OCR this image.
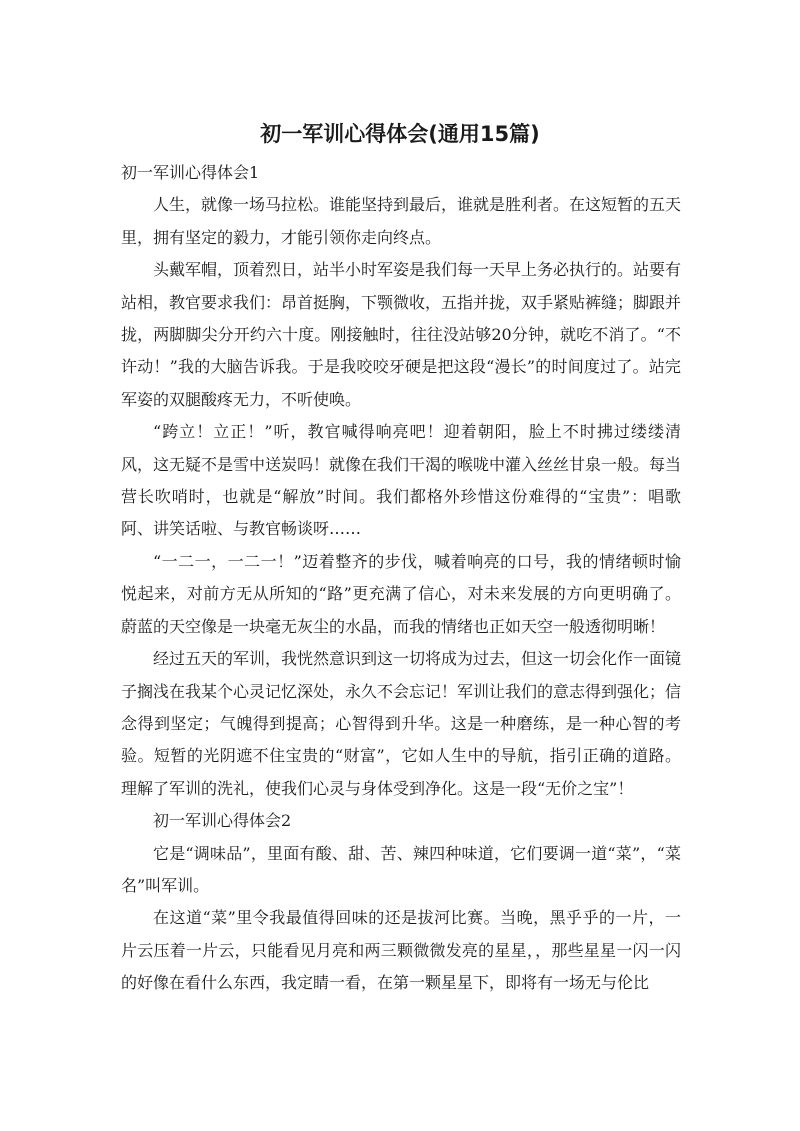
初一军训心得体会(通用15篇)

初一军训心得体会1

人生，就像一场马拉松。谁能坚持到最后，谁就是胜利者。在这短暂的五天里，拥有坚定的毅力，才能引领你走向终点。

头戴军帽，顶着烈日，站半小时军姿是我们每一天早上务必执行的。站要有站相，教官要求我们：昂首挺胸，下颚微收，五指并拢，双手紧贴裤缝；脚跟并拢，两脚脚尖分开约六十度。刚接触时，往往没站够20分钟，就吃不消了。“不许动！”我的大脑告诉我。于是我咬咬牙硬是把这段“漫长”的时间度过了。站完军姿的双腿酸疼无力，不听使唤。

“跨立！立正！”听，教官喊得响亮吧！迎着朝阳，脸上不时拂过缕缕清风，这无疑不是雪中送炭吗！就像在我们干渴的喉咙中灌入丝丝甘泉一般。每当营长吹哨时，也就是“解放”时间。我们都格外珍惜这份难得的“宝贵”：唱歌阿、讲笑话啦、与教官畅谈呀……

“一二一，一二一！”迈着整齐的步伐，喊着响亮的口号，我的情绪顿时愉悦起来，对前方无从所知的“路”更充满了信心，对未来发展的方向更明确了。蔚蓝的天空像是一块毫无灰尘的水晶，而我的情绪也正如天空一般透彻明晰！

经过五天的军训，我恍然意识到这一切将成为过去，但这一切会化作一面镜子搁浅在我某个心灵记忆深处，永久不会忘记！军训让我们的意志得到强化；信念得到坚定；气魄得到提高；心智得到升华。这是一种磨练，是一种心智的考验。短暂的光阴遮不住宝贵的“财富”，它如人生中的导航，指引正确的道路。理解了军训的洗礼，使我们心灵与身体受到净化。这是一段“无价之宝”！

初一军训心得体会2

它是“调味品”，里面有酸、甜、苦、辣四种味道，它们要调一道“菜”，“菜名”叫军训。

在这道“菜”里令我最值得回味的还是拔河比赛。当晚，黑乎乎的一片，一片云压着一片云，只能看见月亮和两三颗微微发亮的星星，，那些星星一闪一闪的好像在看什么东西，我定睛一看，在第一颗星星下，即将有一场无与伦比
